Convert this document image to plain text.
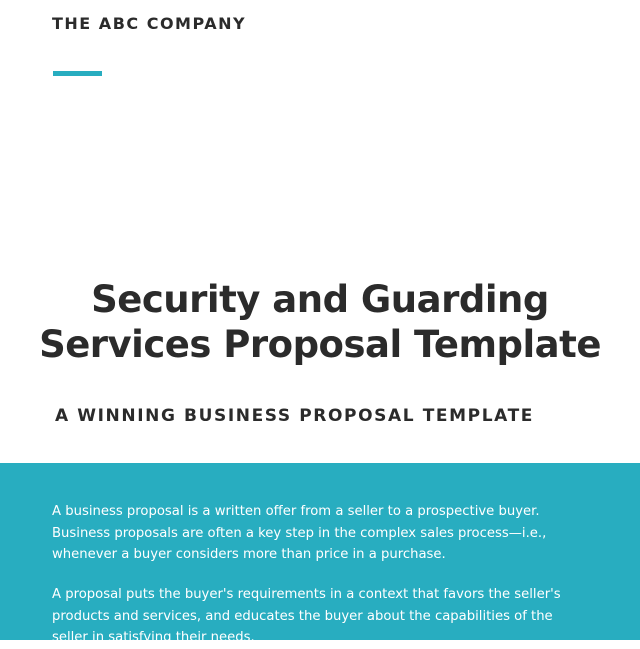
THE ABC COMPANY
Security and Guarding
Services Proposal Template
A WINNING BUSINESS PROPOSAL TEMPLATE

A business proposal is a written offer from a seller to a prospective buyer.
Business proposals are often a key step in the complex sales process—i.e.,
whenever a buyer considers more than price in a purchase.

A proposal puts the buyer's requirements in a context that favors the seller's
products and services, and educates the buyer about the capabilities of the
seller in satisfying their needs.
